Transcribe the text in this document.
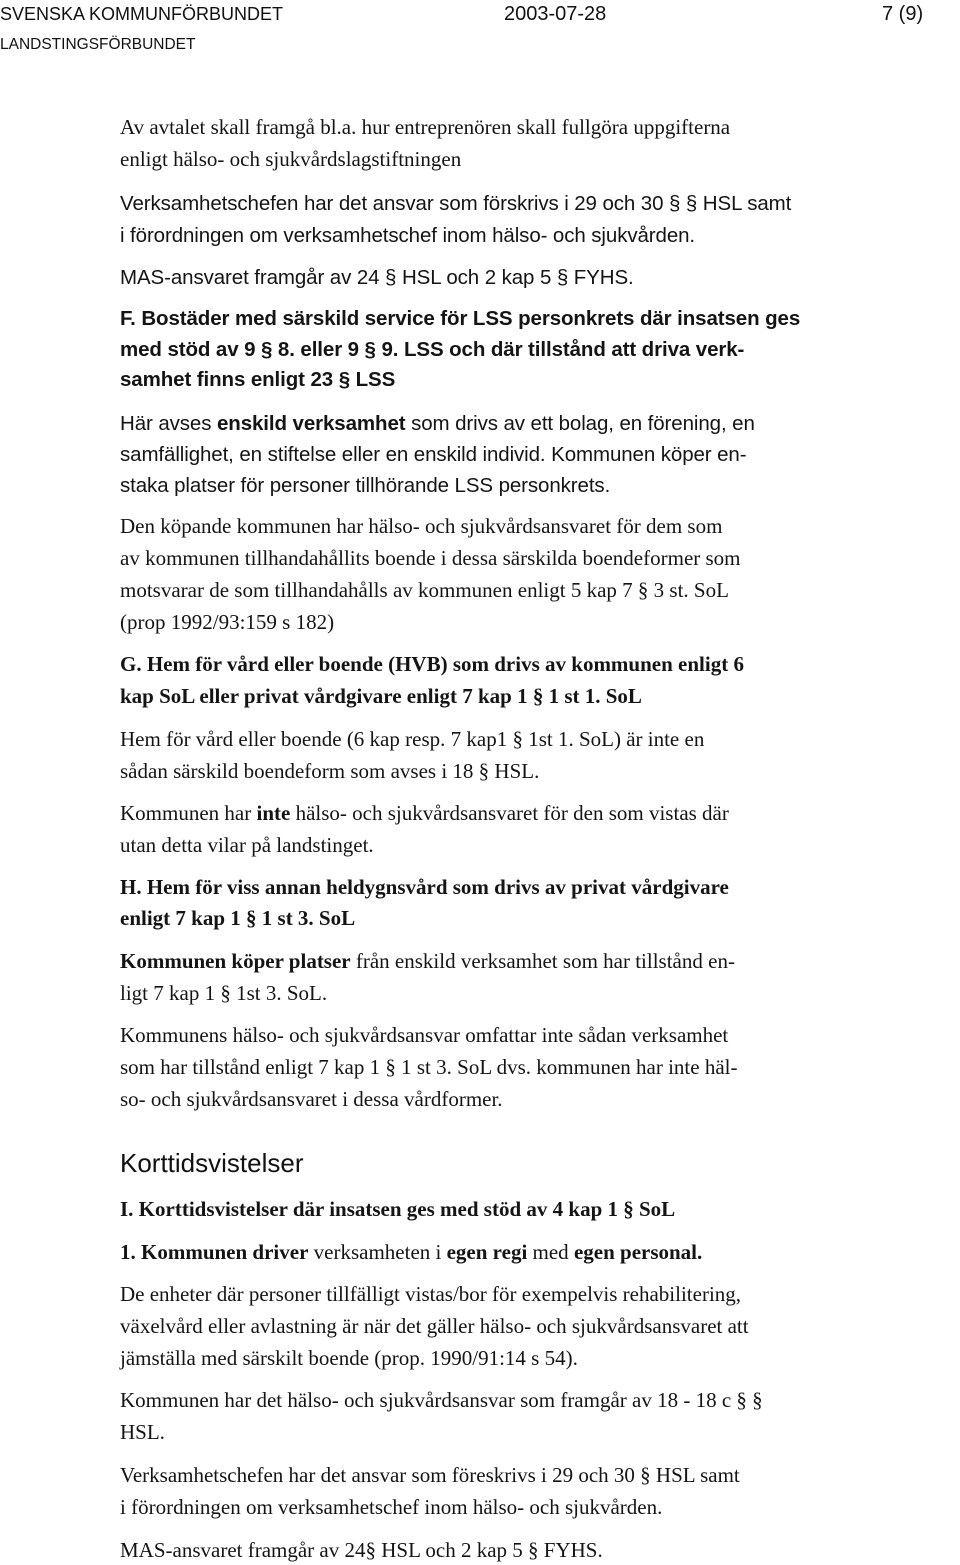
SVENSKA KOMMUNFÖRBUNDET
LANDSTINGSFÖRBUNDET
2003-07-28	7 (9)
Av avtalet skall framgå bl.a. hur entreprenören skall fullgöra uppgifterna
enligt hälso- och sjukvårdslagstiftningen
Verksamhetschefen har det ansvar som förskrivs i 29 och 30 § § HSL samt
i förordningen om verksamhetschef inom hälso- och sjukvården.
MAS-ansvaret framgår av 24 § HSL och 2 kap 5 § FYHS.
F. Bostäder med särskild service för LSS personkrets där insatsen ges
med stöd av 9 § 8. eller 9 § 9. LSS och där tillstånd att driva verk-
samhet finns enligt 23 § LSS
Här avses enskild verksamhet som drivs av ett bolag, en förening, en
samfällighet, en stiftelse eller en enskild individ. Kommunen köper en-
staka platser för personer tillhörande LSS personkrets.
Den köpande kommunen har hälso- och sjukvårdsansvaret för dem som
av kommunen tillhandahållits boende i dessa särskilda boendeformer som
motsvarar de som tillhandahålls av kommunen enligt 5 kap 7 § 3 st. SoL
(prop 1992/93:159 s 182)
G. Hem för vård eller boende (HVB) som drivs av kommunen enligt 6
kap SoL eller privat vårdgivare enligt 7 kap 1 § 1 st 1. SoL
Hem för vård eller boende (6 kap resp. 7 kap1 § 1st 1. SoL) är inte en
sådan särskild boendeform som avses i 18 § HSL.
Kommunen har inte hälso- och sjukvårdsansvaret för den som vistas där
utan detta vilar på landstinget.
H. Hem för viss annan heldygnsvård som drivs av privat vårdgivare
enligt 7 kap 1 § 1 st 3. SoL
Kommunen köper platser från enskild verksamhet som har tillstånd en-
ligt 7 kap 1 § 1st 3. SoL.
Kommunens hälso- och sjukvårdsansvar omfattar inte sådan verksamhet
som har tillstånd enligt 7 kap 1 § 1 st 3. SoL dvs. kommunen har inte häl-
so- och sjukvårdsansvaret i dessa vårdformer.
Korttidsvistelser
I. Korttidsvistelser där insatsen ges med stöd av 4 kap 1 § SoL
1. Kommunen driver verksamheten i egen regi med egen personal.
De enheter där personer tillfälligt vistas/bor för exempelvis rehabilitering,
växelvård eller avlastning är när det gäller hälso- och sjukvårdsansvaret att
jämställa med särskilt boende (prop. 1990/91:14 s 54).
Kommunen har det hälso- och sjukvårdsansvar som framgår av 18 - 18 c § §
HSL.
Verksamhetschefen har det ansvar som föreskrivs i 29 och 30 § HSL samt
i förordningen om verksamhetschef inom hälso- och sjukvården.
MAS-ansvaret framgår av 24§ HSL och 2 kap 5 § FYHS.
